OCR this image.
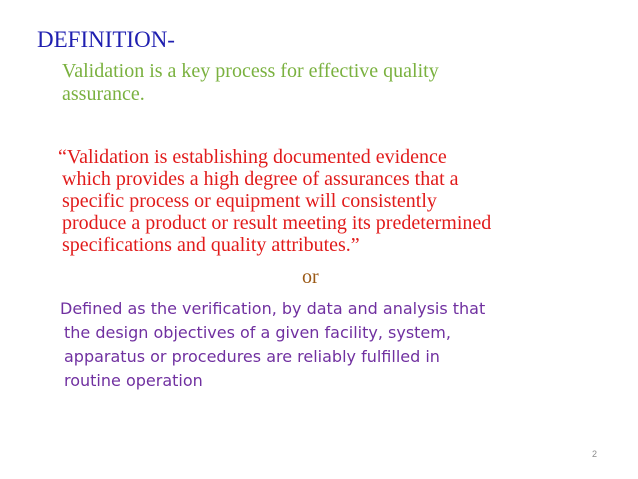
DEFINITION-
Validation is a key process for effective quality
assurance.
“Validation is establishing documented evidence
which provides a high degree of assurances that a
specific process or equipment will consistently
produce a product or result meeting its predetermined
specifications and quality attributes.”
or
Defined as the verification, by data and analysis that
the design objectives of a given facility, system,
apparatus or procedures are reliably fulfilled in
routine operation
2
